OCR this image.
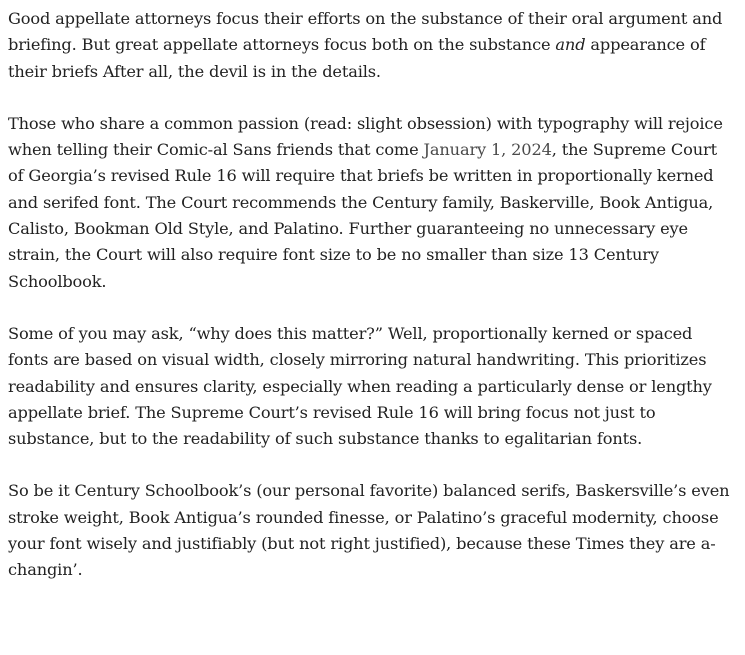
Good appellate attorneys focus their efforts on the substance of their oral argument and briefing. But great appellate attorneys focus both on the substance and appearance of their briefs After all, the devil is in the details.

Those who share a common passion (read: slight obsession) with typography will rejoice when telling their Comic-al Sans friends that come January 1, 2024, the Supreme Court of Georgia’s revised Rule 16 will require that briefs be written in proportionally kerned and serifed font. The Court recommends the Century family, Baskerville, Book Antigua, Calisto, Bookman Old Style, and Palatino. Further guaranteeing no unnecessary eye strain, the Court will also require font size to be no smaller than size 13 Century Schoolbook.

Some of you may ask, “why does this matter?” Well, proportionally kerned or spaced fonts are based on visual width, closely mirroring natural handwriting. This prioritizes readability and ensures clarity, especially when reading a particularly dense or lengthy appellate brief. The Supreme Court’s revised Rule 16 will bring focus not just to substance, but to the readability of such substance thanks to egalitarian fonts.

So be it Century Schoolbook’s (our personal favorite) balanced serifs, Baskersville’s even stroke weight, Book Antigua’s rounded finesse, or Palatino’s graceful modernity, choose your font wisely and justifiably (but not right justified), because these Times they are a-changin’.
